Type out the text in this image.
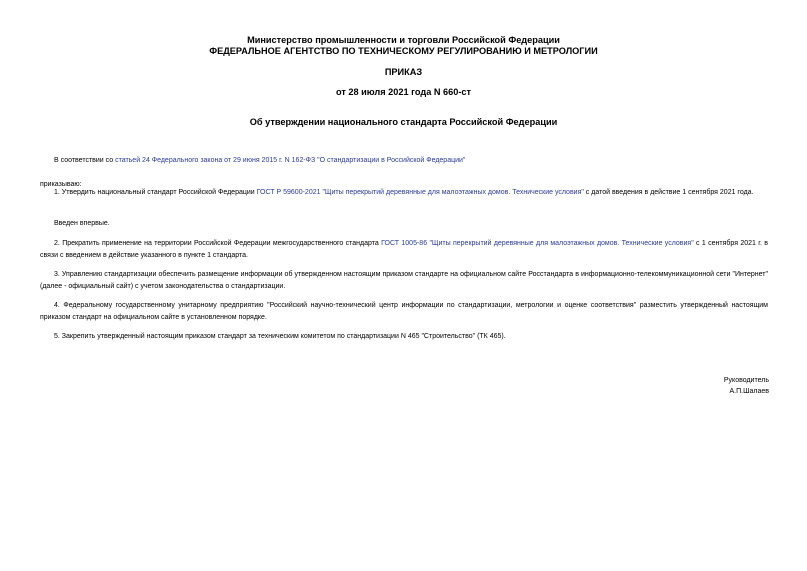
Министерство промышленности и торговли Российской Федерации
ФЕДЕРАЛЬНОЕ АГЕНТСТВО ПО ТЕХНИЧЕСКОМУ РЕГУЛИРОВАНИЮ И МЕТРОЛОГИИ
ПРИКАЗ
от 28 июля 2021 года N 660-ст
Об утверждении национального стандарта Российской Федерации
В соответствии со статьей 24 Федерального закона от 29 июня 2015 г. N 162-ФЗ "О стандартизации в Российской Федерации"
приказываю:
1. Утвердить национальный стандарт Российской Федерации ГОСТ Р 59600-2021 "Щиты перекрытий деревянные для малоэтажных домов. Технические условия" с датой введения в действие 1 сентября 2021 года.
Введен впервые.
2. Прекратить применение на территории Российской Федерации межгосударственного стандарта ГОСТ 1005-86 "Щиты перекрытий деревянные для малоэтажных домов. Технические условия" с 1 сентября 2021 г. в связи с введением в действие указанного в пункте 1 стандарта.
3. Управлению стандартизации обеспечить размещение информации об утвержденном настоящим приказом стандарте на официальном сайте Росстандарта в информационно-телекоммуникационной сети "Интернет" (далее - официальный сайт) с учетом законодательства о стандартизации.
4. Федеральному государственному унитарному предприятию "Российский научно-технический центр информации по стандартизации, метрологии и оценке соответствия" разместить утвержденный настоящим приказом стандарт на официальном сайте в установленном порядке.
5. Закрепить утвержденный настоящим приказом стандарт за техническим комитетом по стандартизации N 465 "Строительство" (ТК 465).
Руководитель
А.П.Шалаев
